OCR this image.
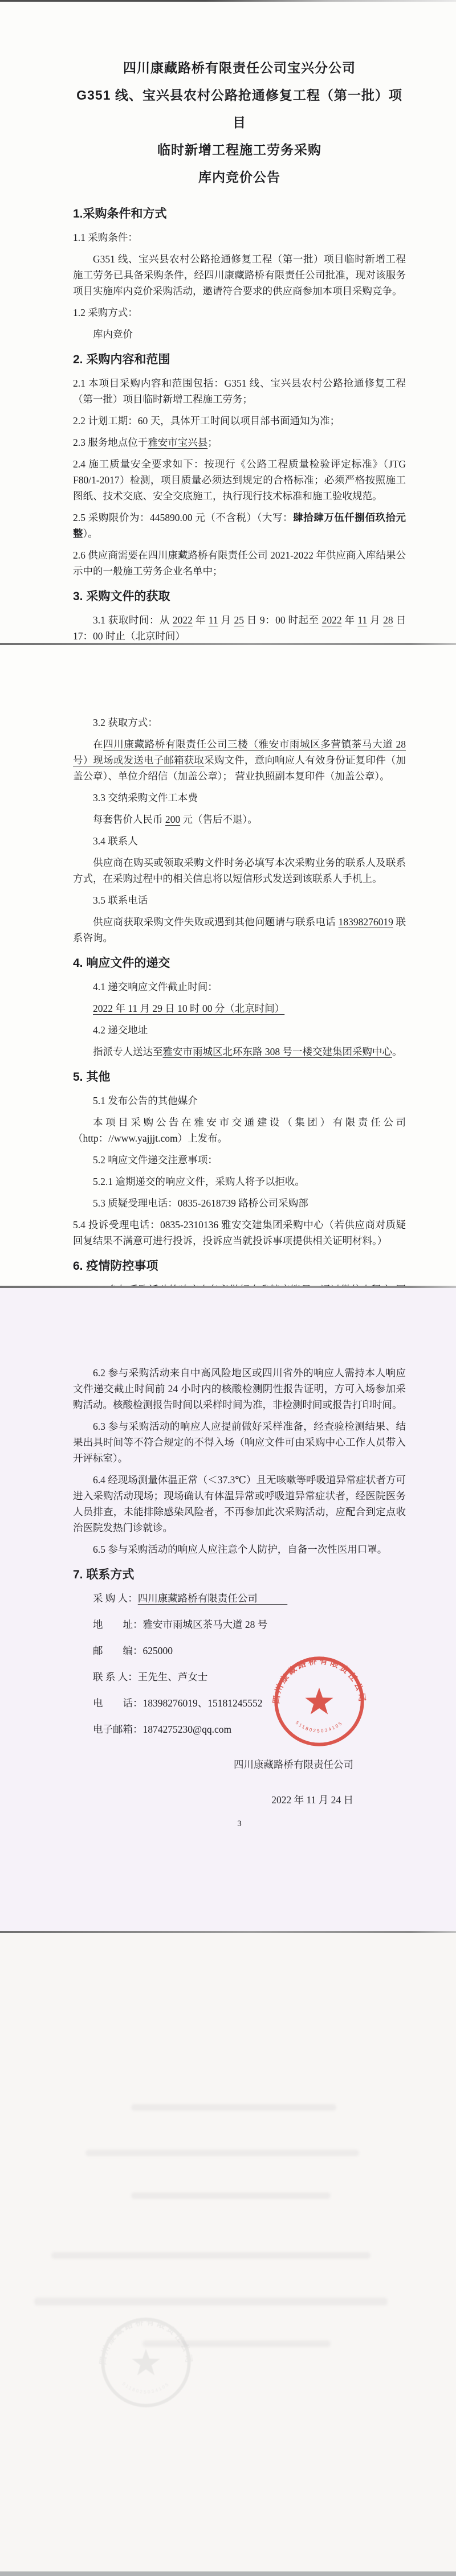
四川康藏路桥有限责任公司宝兴分公司
G351 线、宝兴县农村公路抢通修复工程（第一批）项目
临时新增工程施工劳务采购
库内竞价公告
1.采购条件和方式
1.1 采购条件：
G351 线、宝兴县农村公路抢通修复工程（第一批）项目临时新增工程施工劳务已具备采购条件，经四川康藏路桥有限责任公司批准，现对该服务项目实施库内竞价采购活动，邀请符合要求的供应商参加本项目采购竞争。
1.2 采购方式：
库内竞价
2. 采购内容和范围
2.1 本项目采购内容和范围包括：G351 线、宝兴县农村公路抢通修复工程（第一批）项目临时新增工程施工劳务；
2.2 计划工期：60 天，具体开工时间以项目部书面通知为准；
2.3 服务地点位于雅安市宝兴县；
2.4 施工质量安全要求如下：按现行《公路工程质量检验评定标准》（JTG F80/1-2017）检测，项目质量必须达到规定的合格标准；必须严格按照施工图纸、技术交底、安全交底施工，执行现行技术标准和施工验收规范。
2.5 采购限价为：445890.00 元（不含税）（大写：肆拾肆万伍仟捌佰玖拾元整）。
2.6 供应商需要在四川康藏路桥有限责任公司 2021-2022 年供应商入库结果公示中的一般施工劳务企业名单中；
3. 采购文件的获取
3.1 获取时间：从 2022 年 11 月 25 日 9：00 时起至 2022 年 11 月 28 日 17：00 时止（北京时间）
3.2 获取方式：
在四川康藏路桥有限责任公司三楼（雅安市雨城区多营镇茶马大道 28 号）现场或发送电子邮箱获取采购文件，意向响应人有效身份证复印件（加盖公章）、单位介绍信（加盖公章）； 营业执照副本复印件（加盖公章）。
3.3 交纳采购文件工本费
每套售价人民币 200 元（售后不退）。
3.4 联系人
供应商在购买或领取采购文件时务必填写本次采购业务的联系人及联系方式，在采购过程中的相关信息将以短信形式发送到该联系人手机上。
3.5 联系电话
供应商获取采购文件失败或遇到其他问题请与联系电话 18398276019 联系咨询。
4. 响应文件的递交
4.1 递交响应文件截止时间：
2022 年 11 月 29 日 10 时 00 分（北京时间）
4.2 递交地址
指派专人送达至雅安市雨城区北环东路 308 号一楼交建集团采购中心。
5. 其他
5.1 发布公告的其他媒介
本项目采购公告在雅安市交通建设（集团）有限责任公司（http：//www.yajjjt.com）上发布。
5.2 响应文件递交注意事项：
5.2.1 逾期递交的响应文件，采购人将予以拒收。
5.3 质疑受理电话：0835-2618739 路桥公司采购部
5.4 投诉受理电话：0835-2310136 雅安交建集团采购中心（若供应商对质疑回复结果不满意可进行投诉，投诉应当就投诉事项提供相关证明材料。）
6. 疫情防控事项
6.2 参与采购活动来自中高风险地区或四川省外的响应人需持本人响应文件递交截止时间前 24 小时内的核酸检测阴性报告证明，方可入场参加采购活动。核酸检测报告时间以采样时间为准，非检测时间或报告打印时间。
6.3 参与采购活动的响应人应提前做好采样准备，经查验检测结果、结果出具时间等不符合规定的不得入场（响应文件可由采购中心工作人员带入开评标室）。
6.4 经现场测量体温正常（＜37.3℃）且无咳嗽等呼吸道异常症状者方可进入采购活动现场；现场确认有体温异常或呼吸道异常症状者，经医院医务人员排查，未能排除感染风险者，不再参加此次采购活动，应配合到定点收治医院发热门诊就诊。
6.5 参与采购活动的响应人应注意个人防护，自备一次性医用口罩。
7. 联系方式
采 购 人：四川康藏路桥有限责任公司　　　
地　　址：雅安市雨城区茶马大道 28 号
邮　　编：625000
联 系 人：王先生、芦女士
电　　话：18398276019、15181245552
电子邮箱：1874275230@qq.com
四川康藏路桥有限责任公司
2022 年 11 月 24 日
3
四川康藏路桥有限责任公司
5118025034105
四川康藏路桥有限责任公司
5118025034105
